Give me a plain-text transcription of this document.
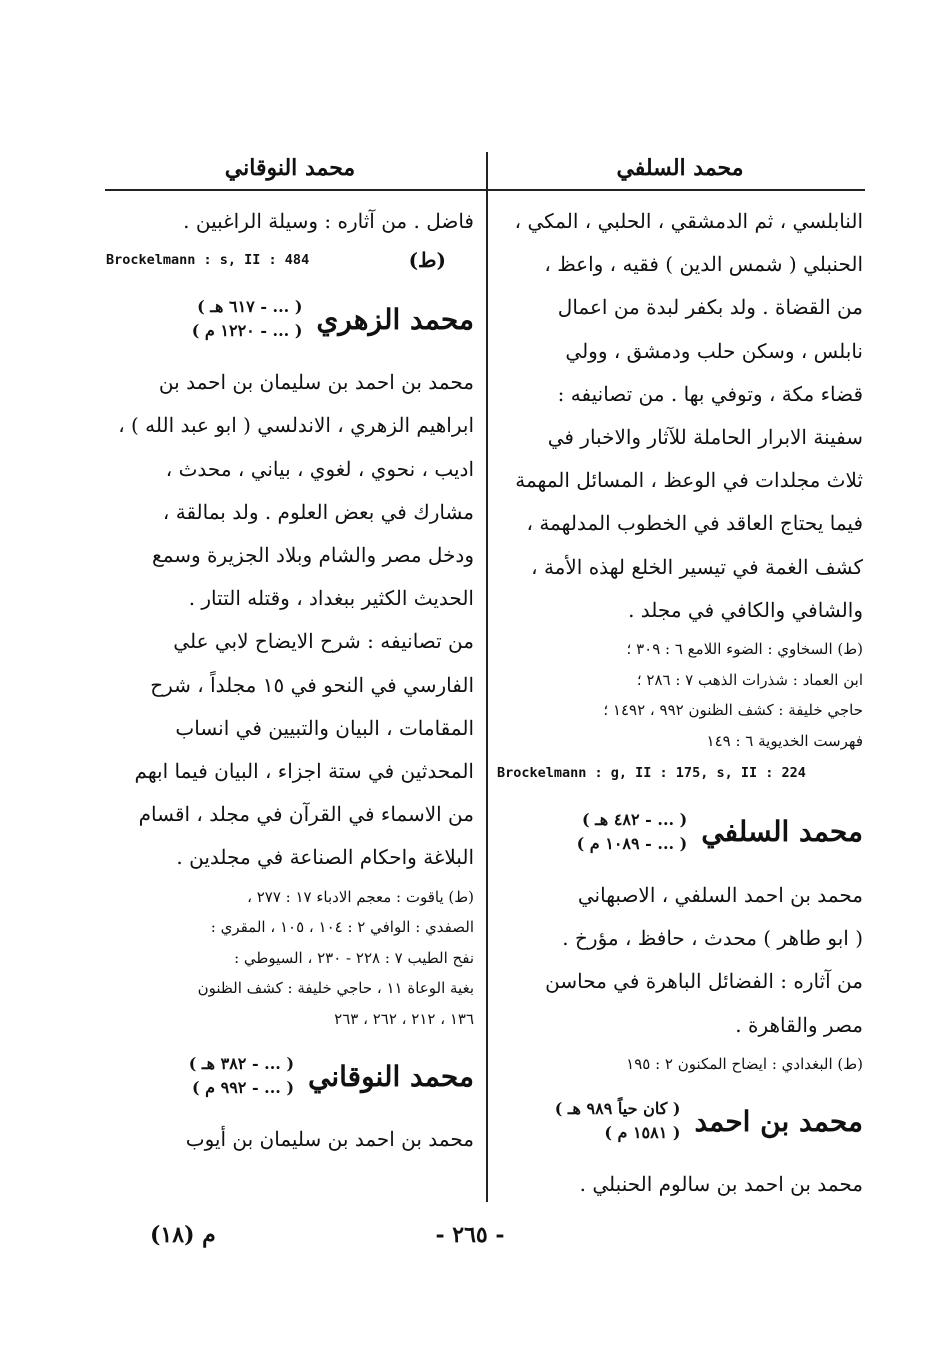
محمد السلفي

النابلسي ، ثم الدمشقي ، الحلبي ، المكي ،

الحنبلي ( شمس الدين ) فقيه ، واعظ ،

من القضاة . ولد بكفر لبدة من اعمال

نابلس ، وسكن حلب ودمشق ، وولي

قضاء مكة ، وتوفي بها . من تصانيفه :

سفينة الابرار الحاملة للآثار والاخبار في

ثلاث مجلدات في الوعظ ، المسائل المهمة

فيما يحتاج العاقد في الخطوب المدلهمة ،

كشف الغمة في تيسير الخلع لهذه الأمة ،

والشافي والكافي في مجلد .

(ط) السخاوي : الضوء اللامع ٦ : ٣٠٩ ؛
ابن العماد : شذرات الذهب ٧ : ٢٨٦ ؛
حاجي خليفة : كشف الظنون ٩٩٢ ، ١٤٩٢ ؛
فهرست الخديوية ٦ : ١٤٩
Brockelmann : g, II : 175, s, II : 224
محمد السلفي
( ... - ٤٨٢ هـ )
( ... - ١٠٨٩ م )

محمد بن احمد السلفي ، الاصبهاني

( ابو طاهر ) محدث ، حافظ ، مؤرخ .

من آثاره : الفضائل الباهرة في محاسن

مصر والقاهرة .

(ط) البغدادي : ايضاح المكنون ٢ : ١٩٥
محمد بن احمد
( كان حياً ٩٨٩ هـ )
( ١٥٨١ م )

محمد بن احمد بن سالوم الحنبلي .

محمد النوقاني

فاضل . من آثاره : وسيلة الراغبين .

Brockelmann : s, II : 484	(ط)
محمد الزهري
( ... - ٦١٧ هـ )
( ... - ١٢٢٠ م )

محمد بن احمد بن سليمان بن احمد بن

ابراهيم الزهري ، الاندلسي ( ابو عبد الله ) ،

اديب ، نحوي ، لغوي ، بياني ، محدث ،

مشارك في بعض العلوم . ولد بمالقة ،

ودخل مصر والشام وبلاد الجزيرة وسمع

الحديث الكثير ببغداد ، وقتله التتار .

من تصانيفه : شرح الايضاح لابي علي

الفارسي في النحو في ١٥ مجلداً ، شرح

المقامات ، البيان والتبيين في انساب

المحدثين في ستة اجزاء ، البيان فيما ابهم

من الاسماء في القرآن في مجلد ، اقسام

البلاغة واحكام الصناعة في مجلدين .

(ط) ياقوت : معجم الادباء ١٧ : ٢٧٧ ،
الصفدي : الوافي ٢ : ١٠٤ ، ١٠٥ ، المقري :
نفح الطيب ٧ : ٢٢٨ - ٢٣٠ ، السيوطي :
بغية الوعاة ١١ ، حاجي خليفة : كشف الظنون
١٣٦ ، ٢١٢ ، ٢٦٢ ، ٢٦٣
محمد النوقاني
( ... - ٣٨٢ هـ )
( ... - ٩٩٢ م )

محمد بن احمد بن سليمان بن أيوب

- ٢٦٥ -
م (١٨)
